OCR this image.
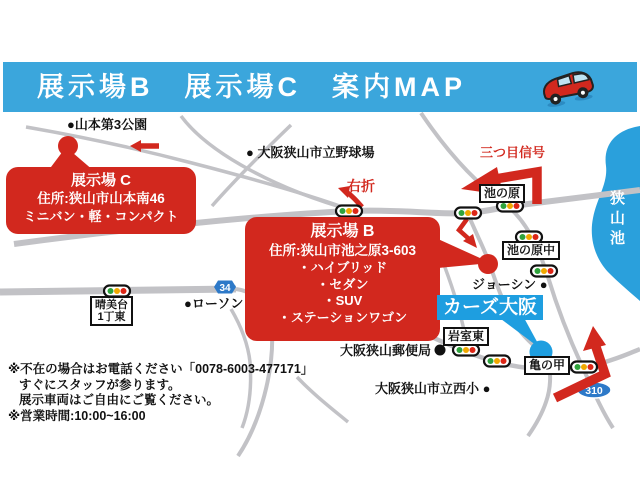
34
310
展示場B　展示場C　案内MAP
展示場 C
住所:狭山市山本南46
ミニバン・軽・コンパクト
展示場 B
住所:狭山市池之原3-603
・ハイブリッド
・セダン
・SUV
・ステーションワゴン
●山本第3公園
● 大阪狭山市立野球場
右折
三つ目信号
ジョーシン ●
●ローソン
大阪狭山郵便局 ●
大阪狭山市立西小 ●
池の原
池の原中
岩室東
亀の甲
晴美台
1丁東	カーズ大阪
狭山池
※不在の場合はお電話ください「0078-6003-477171」
すぐにスタッフが参ります。
展示車両はご自由にご覧ください。
※営業時間:10:00~16:00
